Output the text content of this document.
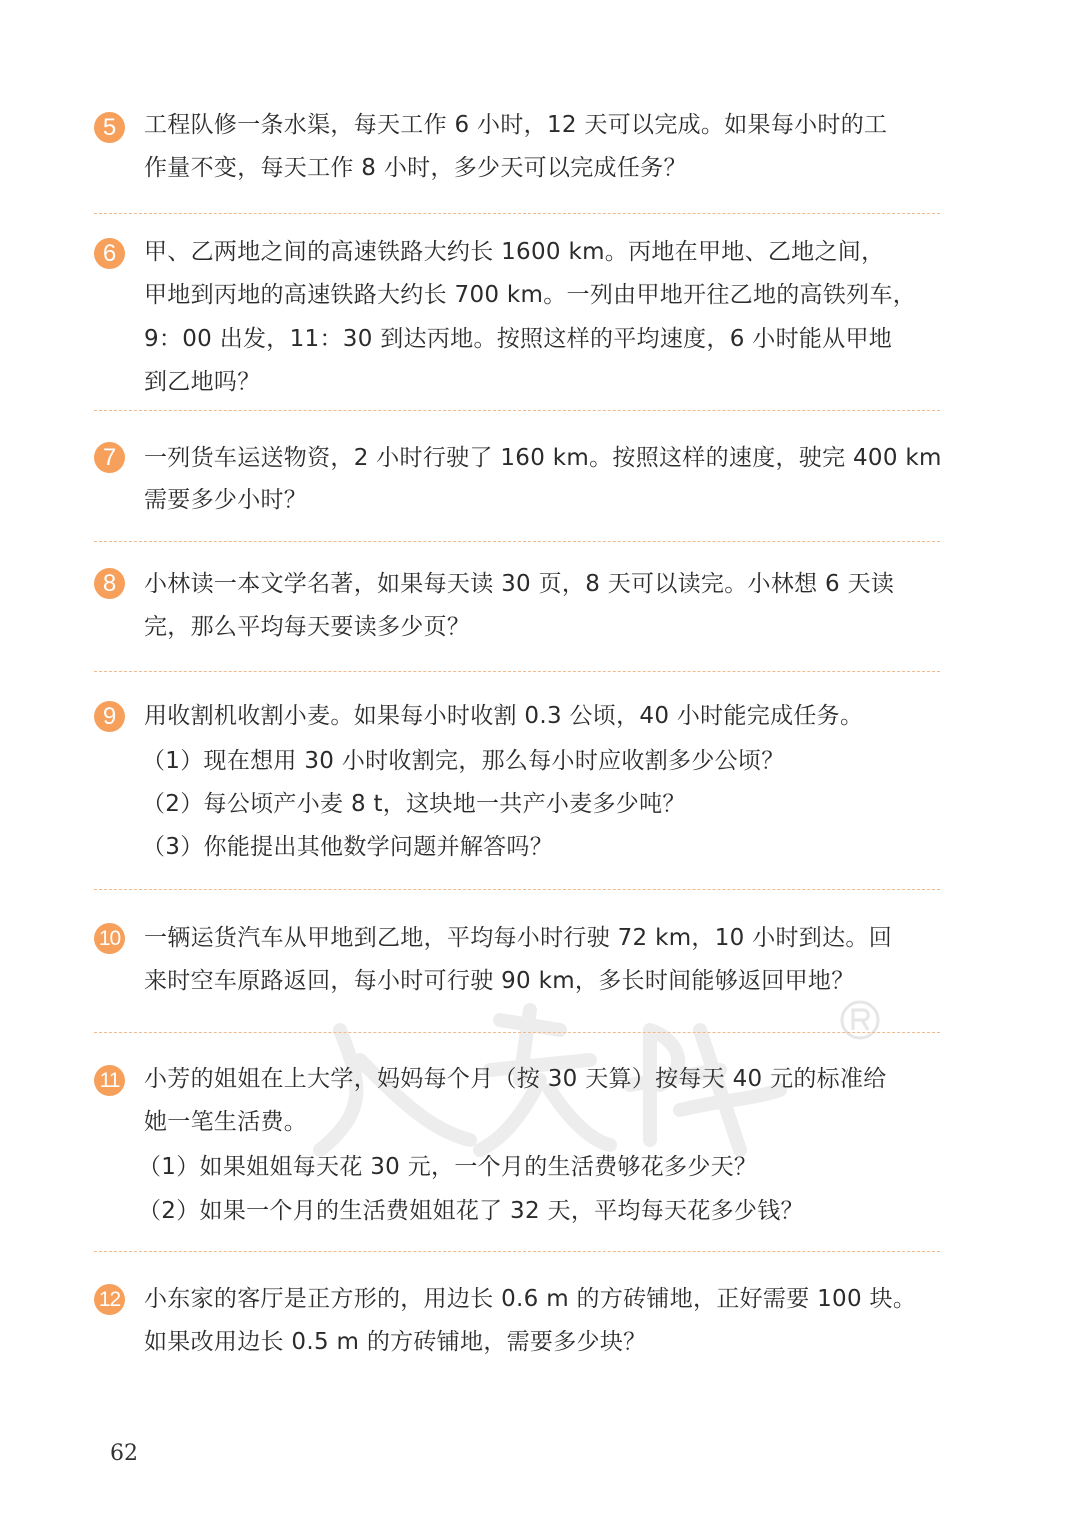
5	工程队修一条水渠，每天工作 6 小时，12 天可以完成。如果每小时的工
作量不变，每天工作 8 小时，多少天可以完成任务？
6	甲、乙两地之间的高速铁路大约长 1600 km。丙地在甲地、乙地之间，
甲地到丙地的高速铁路大约长 700 km。一列由甲地开往乙地的高铁列车，
9：00 出发，11：30 到达丙地。按照这样的平均速度，6 小时能从甲地
到乙地吗？
7	一列货车运送物资，2 小时行驶了 160 km。按照这样的速度，驶完 400 km
需要多少小时？
8	小林读一本文学名著，如果每天读 30 页，8 天可以读完。小林想 6 天读
完，那么平均每天要读多少页？
9	用收割机收割小麦。如果每小时收割 0.3 公顷，40 小时能完成任务。
（1）现在想用 30 小时收割完，那么每小时应收割多少公顷？
（2）每公顷产小麦 8 t，这块地一共产小麦多少吨？
（3）你能提出其他数学问题并解答吗？
10 一辆运货汽车从甲地到乙地，平均每小时行驶 72 km，10 小时到达。回
来时空车原路返回，每小时可行驶 90 km，多长时间能够返回甲地？
11 小芳的姐姐在上大学，妈妈每个月（按 30 天算）按每天 40 元的标准给
她一笔生活费。
（1）如果姐姐每天花 30 元，一个月的生活费够花多少天？
（2）如果一个月的生活费姐姐花了 32 天，平均每天花多少钱？
12 小东家的客厅是正方形的，用边长 0.6 m 的方砖铺地，正好需要 100 块。
如果改用边长 0.5 m 的方砖铺地，需要多少块？
62
